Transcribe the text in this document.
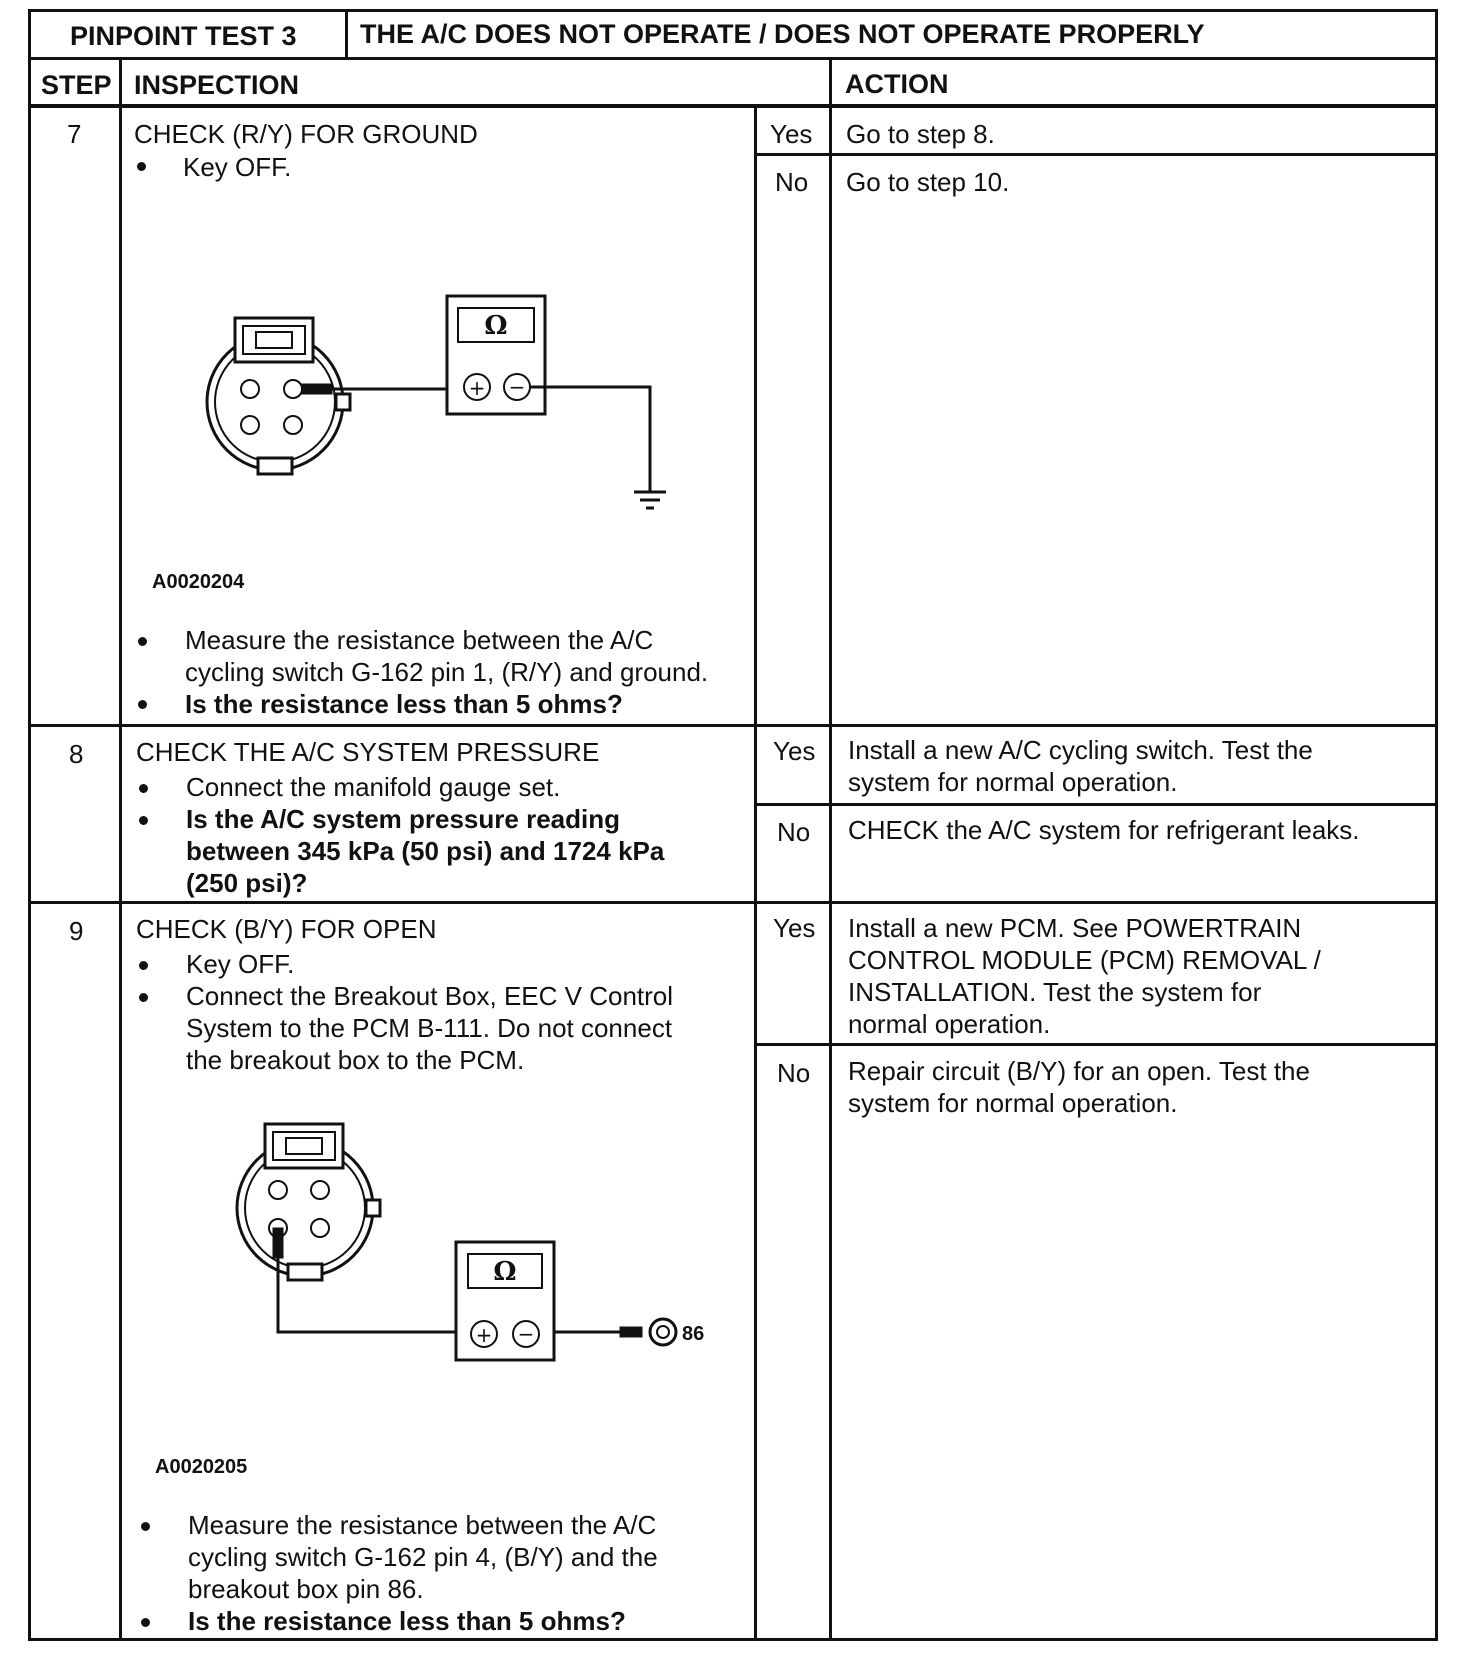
PINPOINT TEST 3 THE A/C DOES NOT OPERATE / DOES NOT OPERATE PROPERLY
STEP INSPECTION	ACTION
7 CHECK (R/Y) FOR GROUND
Key OFF.
Ω
+ −
A0020204
Measure the resistance between the A/C
cycling switch G-162 pin 1, (R/Y) and ground.
Is the resistance less than 5 ohms?
Yes Go to step 8.
No Go to step 10.
8 CHECK THE A/C SYSTEM PRESSURE
Connect the manifold gauge set.
Is the A/C system pressure reading
between 345 kPa (50 psi) and 1724 kPa
(250 psi)?
Yes Install a new A/C cycling switch. Test the
system for normal operation.
No CHECK the A/C system for refrigerant leaks.
9 CHECK (B/Y) FOR OPEN
Key OFF.
Connect the Breakout Box, EEC V Control
System to the PCM B-111. Do not connect
the breakout box to the PCM.
Ω
+ −	86
A0020205
Measure the resistance between the A/C
cycling switch G-162 pin 4, (B/Y) and the
breakout box pin 86.
Is the resistance less than 5 ohms?
Yes Install a new PCM. See POWERTRAIN
CONTROL MODULE (PCM) REMOVAL /
INSTALLATION. Test the system for
normal operation.
No Repair circuit (B/Y) for an open. Test the
system for normal operation.
